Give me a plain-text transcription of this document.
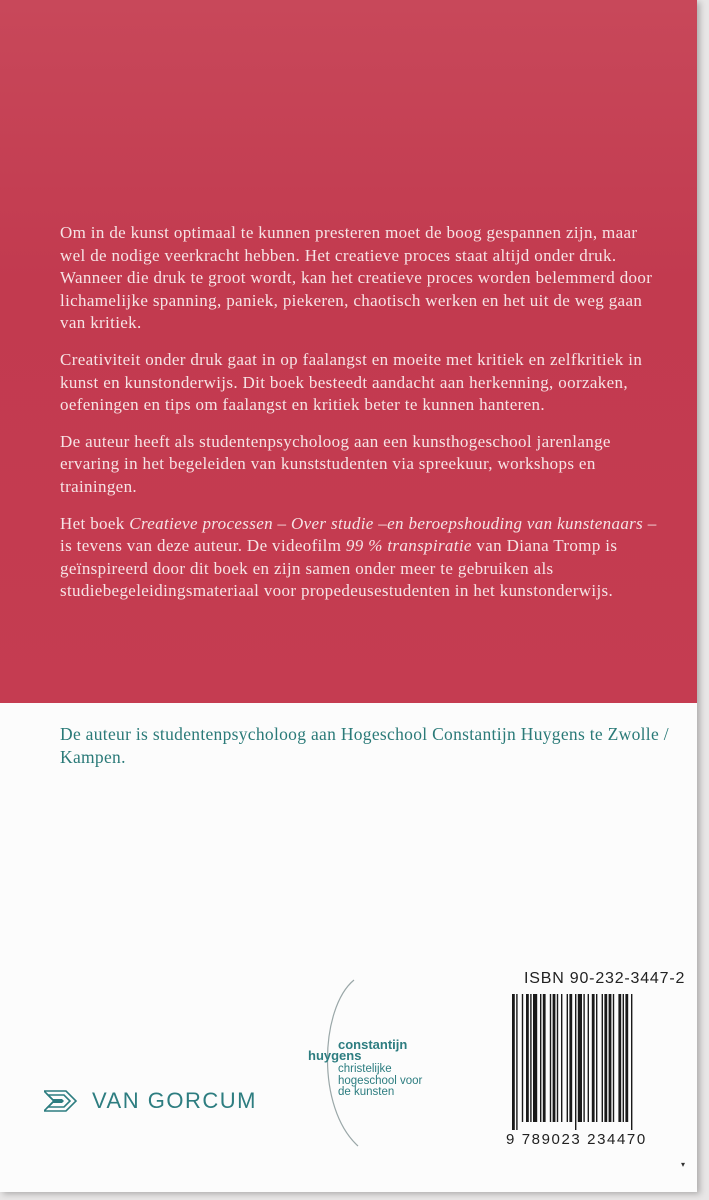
Om in de kunst optimaal te kunnen presteren moet de boog gespannen zijn, maar wel de nodige veerkracht hebben. Het creatieve proces staat altijd onder druk. Wanneer die druk te groot wordt, kan het creatieve proces worden belemmerd door lichamelijke spanning, paniek, piekeren, chaotisch werken en het uit de weg gaan van kritiek.

Creativiteit onder druk gaat in op faalangst en moeite met kritiek en zelfkritiek in kunst en kunstonderwijs. Dit boek besteedt aandacht aan herkenning, oorzaken, oefeningen en tips om faalangst en kritiek beter te kunnen hanteren.

De auteur heeft als studentenpsycholoog aan een kunsthogeschool jarenlange ervaring in het begeleiden van kunststudenten via spreekuur, workshops en trainingen.

Het boek Creatieve processen – Over studie –en beroepshouding van kunstenaars – is tevens van deze auteur. De videofilm 99 % transpiratie van Diana Tromp is geïnspireerd door dit boek en zijn samen onder meer te gebruiken als studiebegeleidingsmateriaal voor propedeusestudenten in het kunstonderwijs.

De auteur is studentenpsycholoog aan Hogeschool Constantijn Huygens te Zwolle / Kampen.
constantijn
huygens
christelijke
hogeschool voor
de kunsten
VAN GORCUM
ISBN 90-232-3447-2
9 789023 234470
▾
